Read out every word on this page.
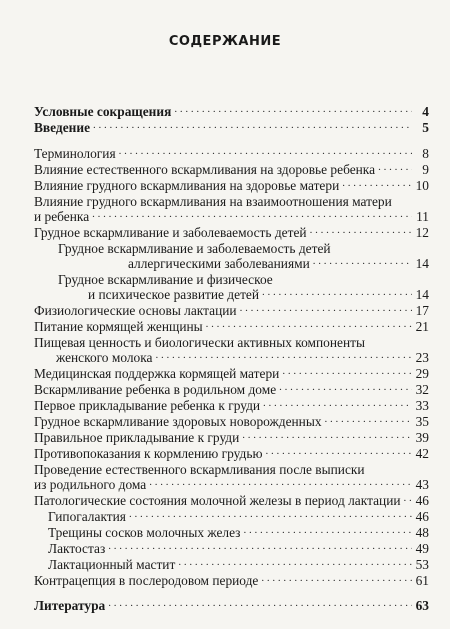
СОДЕРЖАНИЕ
Условные сокращения . . .	4
Введение . . .	5
Терминология . . .	8
Влияние естественного вскармливания на здоровье ребенка . . .	9
Влияние грудного вскармливания на здоровье матери . . .	10
Влияние грудного вскармливания на взаимоотношения матери
и ребенка . . .	11
Грудное вскармливание и заболеваемость детей . . .	12
Грудное вскармливание и заболеваемость детей
аллергическими заболеваниями . . .	14
Грудное вскармливание и физическое
и психическое развитие детей . . .	14
Физиологические основы лактации . . .	17
Питание кормящей женщины . . .	21
Пищевая ценность и биологически активных компоненты
женского молока . . .	23
Медицинская поддержка кормящей матери . . .	29
Вскармливание ребенка в родильном доме . . .	32
Первое прикладывание ребенка к груди . . .	33
Грудное вскармливание здоровых новорожденных . . .	35
Правильное прикладывание к груди . . .	39
Противопоказания к кормлению грудью . . .	42
Проведение естественного вскармливания после выписки
из родильного дома . . .	43
Патологические состояния молочной железы в период лактации . . . 46
Гипогалактия . . .	46
Трещины сосков молочных желез . . .	48
Лактостаз . . .	49
Лактационный мастит . . .	53
Контрацепция в послеродовом периоде . . .	61
Литература . . .	63
